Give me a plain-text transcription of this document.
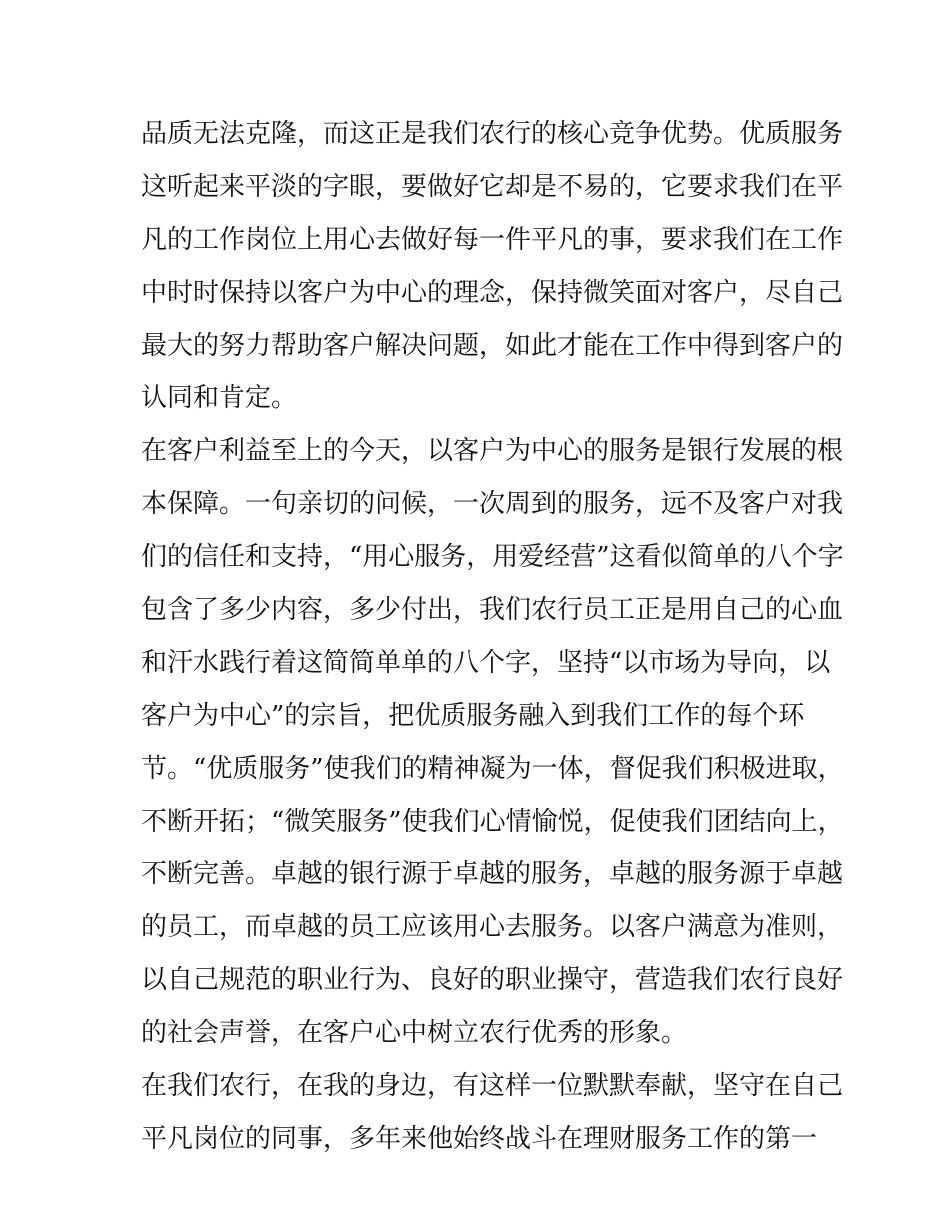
品质无法克隆，而这正是我们农行的核心竞争优势。优质服务
这听起来平淡的字眼，要做好它却是不易的，它要求我们在平
凡的工作岗位上用心去做好每一件平凡的事，要求我们在工作
中时时保持以客户为中心的理念，保持微笑面对客户，尽自己
最大的努力帮助客户解决问题，如此才能在工作中得到客户的
认同和肯定。
在客户利益至上的今天，以客户为中心的服务是银行发展的根
本保障。一句亲切的问候，一次周到的服务，远不及客户对我
们的信任和支持，“用心服务，用爱经营”这看似简单的八个字
包含了多少内容，多少付出，我们农行员工正是用自己的心血
和汗水践行着这简简单单的八个字，坚持“以市场为导向，以
客户为中心”的宗旨，把优质服务融入到我们工作的每个环
节。“优质服务”使我们的精神凝为一体，督促我们积极进取，
不断开拓；“微笑服务”使我们心情愉悦，促使我们团结向上，
不断完善。卓越的银行源于卓越的服务，卓越的服务源于卓越
的员工，而卓越的员工应该用心去服务。以客户满意为准则，
以自己规范的职业行为、良好的职业操守，营造我们农行良好
的社会声誉，在客户心中树立农行优秀的形象。
在我们农行，在我的身边，有这样一位默默奉献，坚守在自己
平凡岗位的同事，多年来他始终战斗在理财服务工作的第一
